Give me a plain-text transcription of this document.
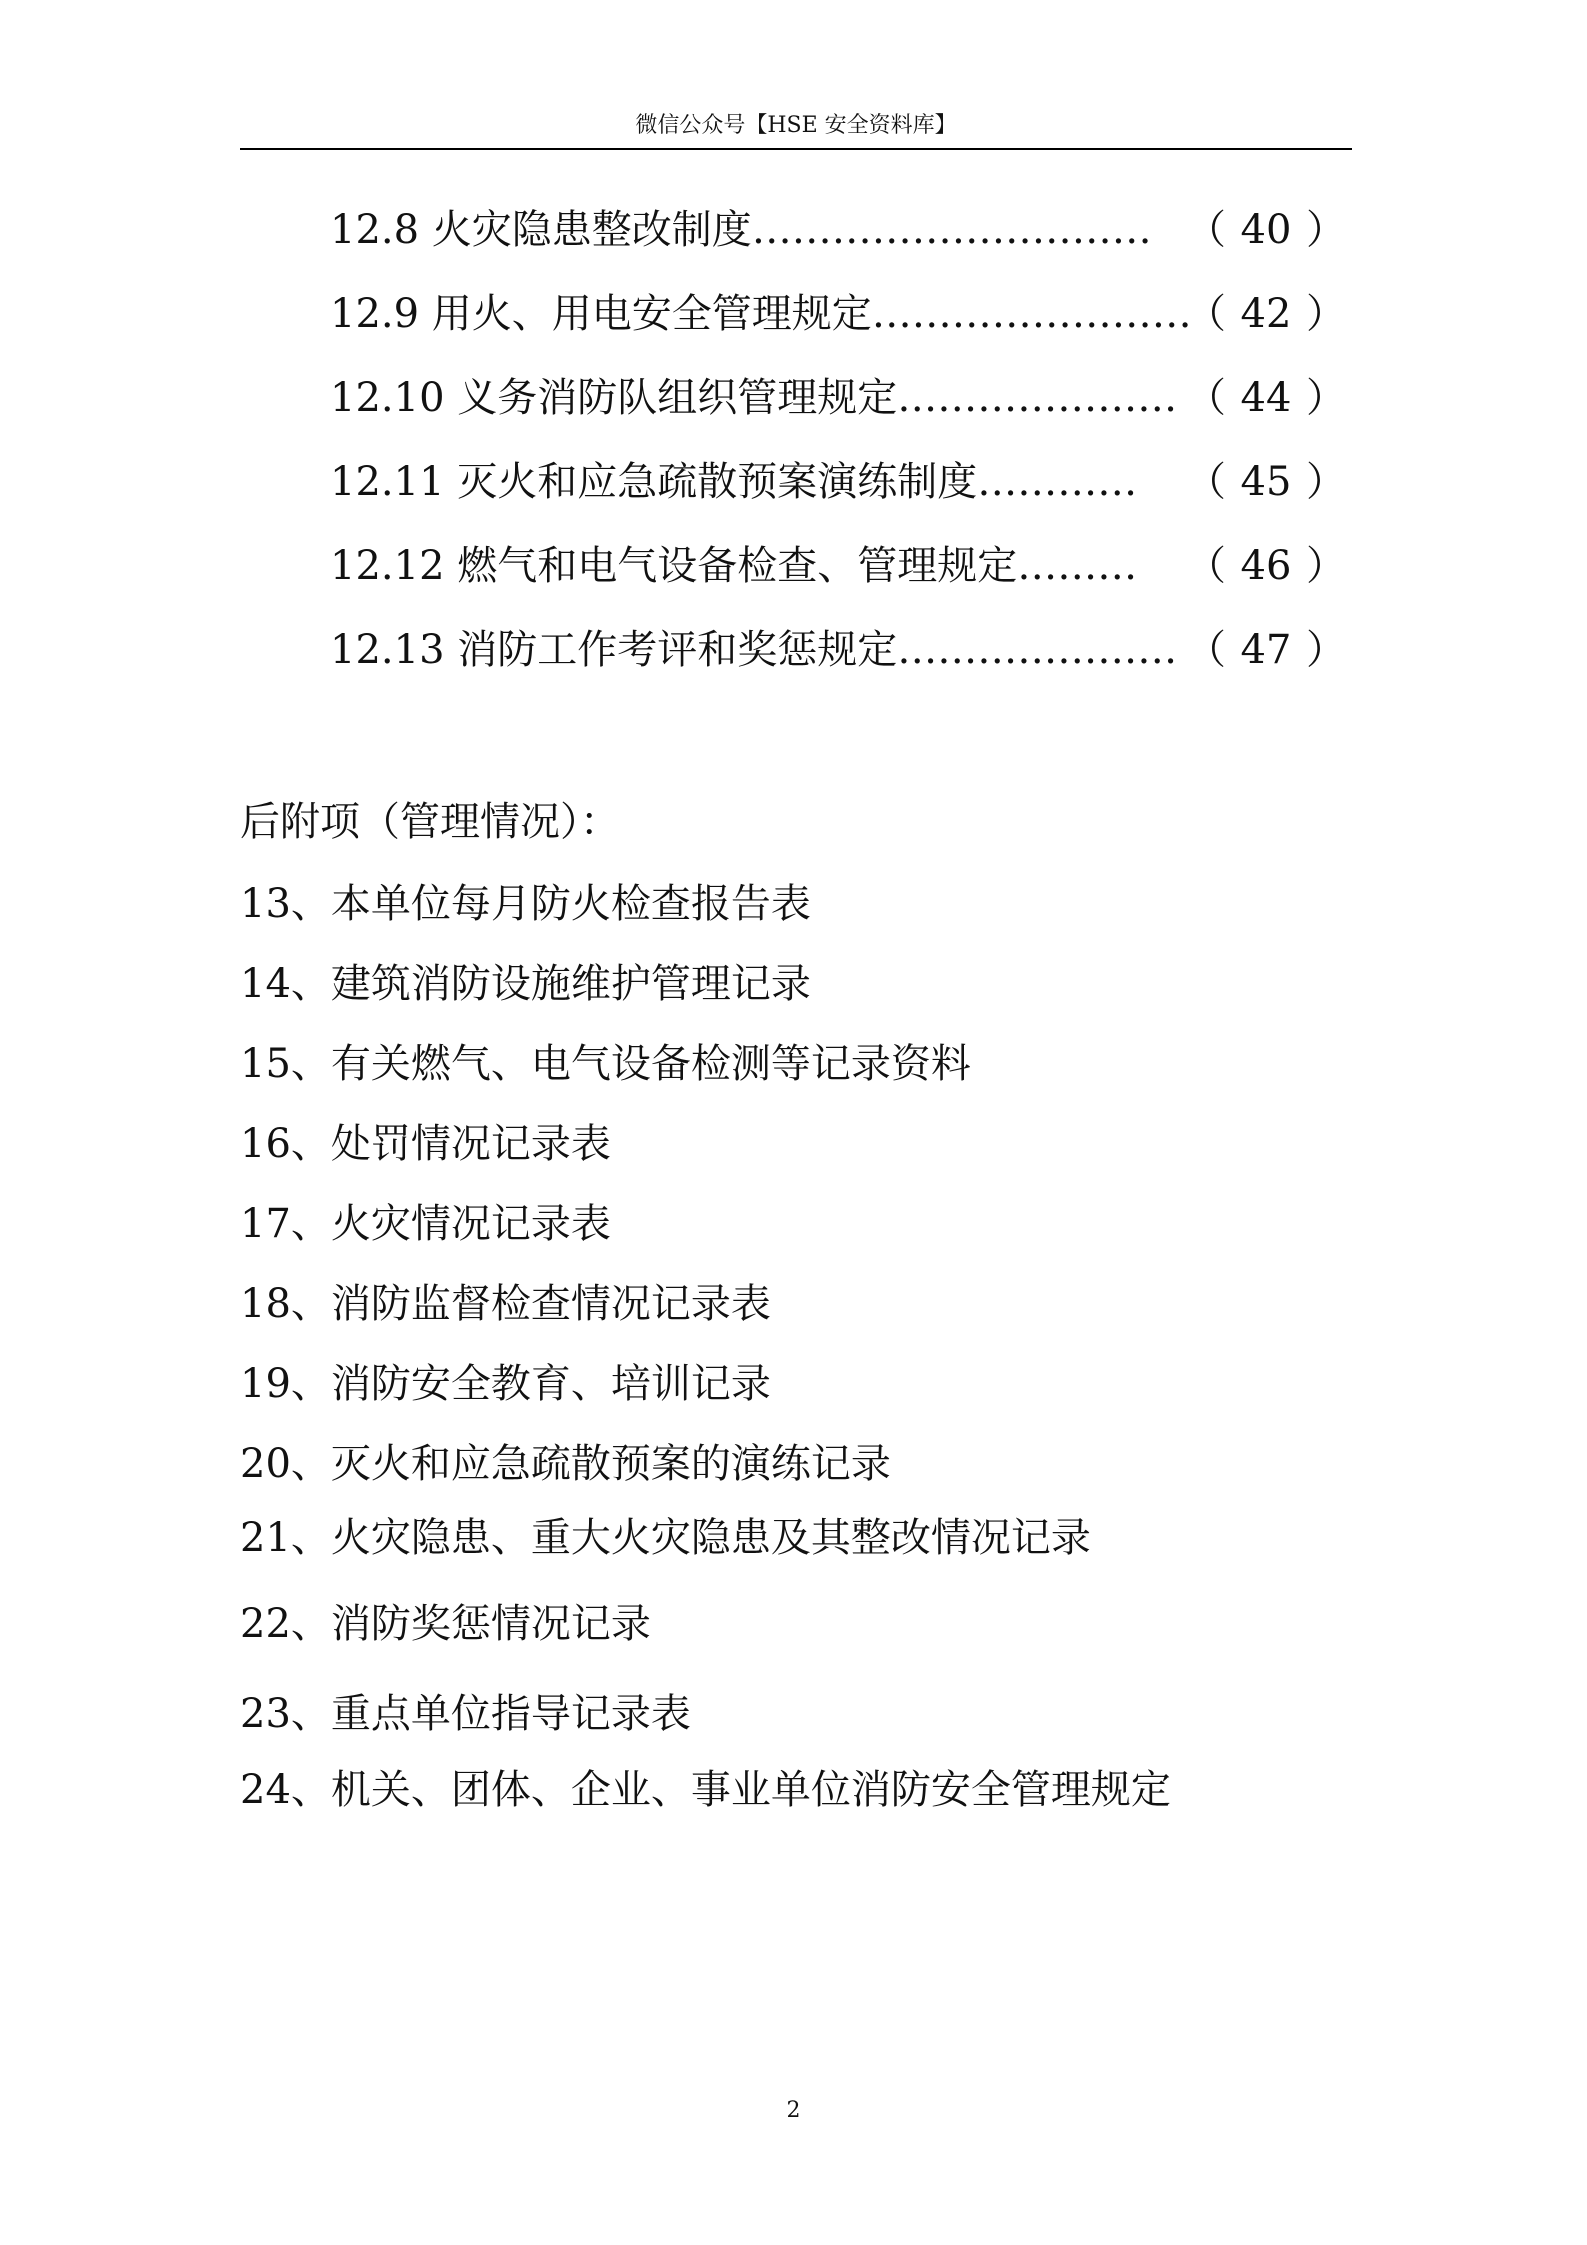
微信公众号【HSE 安全资料库】
12.8 火灾隐患整改制度………………………… （ 40 ）
12.9 用火、用电安全管理规定……………………
（ 42 ）
12.10 义务消防队组织管理规定………………… （ 44 ）
12.11 灭火和应急疏散预案演练制度………… （ 45 ）
12.12 燃气和电气设备检查、管理规定……… （ 46 ）
12.13 消防工作考评和奖惩规定………………… （ 47 ）
后附项（管理情况）：
13、本单位每月防火检查报告表
14、建筑消防设施维护管理记录
15、有关燃气、电气设备检测等记录资料
16、处罚情况记录表
17、火灾情况记录表
18、消防监督检查情况记录表
19、消防安全教育、培训记录
20、灭火和应急疏散预案的演练记录
21、火灾隐患、重大火灾隐患及其整改情况记录
22、消防奖惩情况记录
23、重点单位指导记录表
24、机关、团体、企业、事业单位消防安全管理规定
2
